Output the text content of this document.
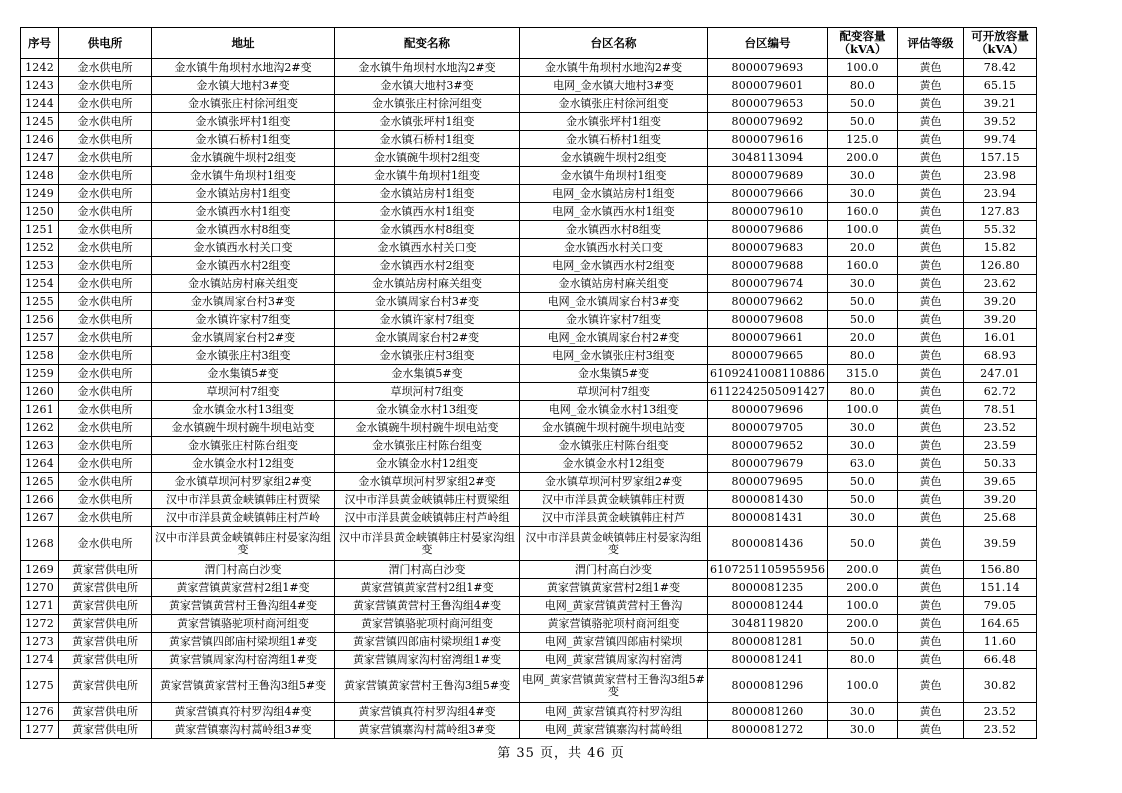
序号	供电所	地址	配变名称	台区名称	台区编号	配变容量（kVA）	评估等级	可开放容量（kVA）
1242	金水供电所	金水镇牛角坝村水地沟2#变	金水镇牛角坝村水地沟2#变	金水镇牛角坝村水地沟2#变	8000079693	100.0	黄色	78.42
1243	金水供电所	金水镇大地村3#变	金水镇大地村3#变	电网_金水镇大地村3#变	8000079601	80.0	黄色	65.15
1244	金水供电所	金水镇张庄村徐河组变	金水镇张庄村徐河组变	金水镇张庄村徐河组变	8000079653	50.0	黄色	39.21
1245	金水供电所	金水镇张坪村1组变	金水镇张坪村1组变	金水镇张坪村1组变	8000079692	50.0	黄色	39.52
1246	金水供电所	金水镇石桥村1组变	金水镇石桥村1组变	金水镇石桥村1组变	8000079616	125.0	黄色	99.74
1247	金水供电所	金水镇碗牛坝村2组变	金水镇碗牛坝村2组变	金水镇碗牛坝村2组变	3048113094	200.0	黄色	157.15
1248	金水供电所	金水镇牛角坝村1组变	金水镇牛角坝村1组变	金水镇牛角坝村1组变	8000079689	30.0	黄色	23.98
1249	金水供电所	金水镇站房村1组变	金水镇站房村1组变	电网_金水镇站房村1组变	8000079666	30.0	黄色	23.94
1250	金水供电所	金水镇西水村1组变	金水镇西水村1组变	电网_金水镇西水村1组变	8000079610	160.0	黄色	127.83
1251	金水供电所	金水镇西水村8组变	金水镇西水村8组变	金水镇西水村8组变	8000079686	100.0	黄色	55.32
1252	金水供电所	金水镇西水村关口变	金水镇西水村关口变	金水镇西水村关口变	8000079683	20.0	黄色	15.82
1253	金水供电所	金水镇西水村2组变	金水镇西水村2组变	电网_金水镇西水村2组变	8000079688	160.0	黄色	126.80
1254	金水供电所	金水镇站房村麻关组变	金水镇站房村麻关组变	金水镇站房村麻关组变	8000079674	30.0	黄色	23.62
1255	金水供电所	金水镇周家台村3#变	金水镇周家台村3#变	电网_金水镇周家台村3#变	8000079662	50.0	黄色	39.20
1256	金水供电所	金水镇许家村7组变	金水镇许家村7组变	金水镇许家村7组变	8000079608	50.0	黄色	39.20
1257	金水供电所	金水镇周家台村2#变	金水镇周家台村2#变	电网_金水镇周家台村2#变	8000079661	20.0	黄色	16.01
1258	金水供电所	金水镇张庄村3组变	金水镇张庄村3组变	电网_金水镇张庄村3组变	8000079665	80.0	黄色	68.93
1259	金水供电所	金水集镇5#变	金水集镇5#变	金水集镇5#变	6109241008110886	315.0	黄色	247.01
1260	金水供电所	草坝河村7组变	草坝河村7组变	草坝河村7组变	6112242505091427	80.0	黄色	62.72
1261	金水供电所	金水镇金水村13组变	金水镇金水村13组变	电网_金水镇金水村13组变	8000079696	100.0	黄色	78.51
1262	金水供电所	金水镇碗牛坝村碗牛坝电站变	金水镇碗牛坝村碗牛坝电站变	金水镇碗牛坝村碗牛坝电站变	8000079705	30.0	黄色	23.52
1263	金水供电所	金水镇张庄村陈台组变	金水镇张庄村陈台组变	金水镇张庄村陈台组变	8000079652	30.0	黄色	23.59
1264	金水供电所	金水镇金水村12组变	金水镇金水村12组变	金水镇金水村12组变	8000079679	63.0	黄色	50.33
1265	金水供电所	金水镇草坝河村罗家组2#变	金水镇草坝河村罗家组2#变	金水镇草坝河村罗家组2#变	8000079695	50.0	黄色	39.65
1266	金水供电所	汉中市洋县黄金峡镇韩庄村贾梁	汉中市洋县黄金峡镇韩庄村贾梁组	汉中市洋县黄金峡镇韩庄村贾	8000081430	50.0	黄色	39.20
1267	金水供电所	汉中市洋县黄金峡镇韩庄村芦岭	汉中市洋县黄金峡镇韩庄村芦岭组	汉中市洋县黄金峡镇韩庄村芦	8000081431	30.0	黄色	25.68
1268	金水供电所	汉中市洋县黄金峡镇韩庄村晏家沟组变	汉中市洋县黄金峡镇韩庄村晏家沟组变	汉中市洋县黄金峡镇韩庄村晏家沟组变	8000081436	50.0	黄色	39.59
1269	黄家营供电所	渭门村高白沙变	渭门村高白沙变	渭门村高白沙变	6107251105955956	200.0	黄色	156.80
1270	黄家营供电所	黄家营镇黄家营村2组1#变	黄家营镇黄家营村2组1#变	黄家营镇黄家营村2组1#变	8000081235	200.0	黄色	151.14
1271	黄家营供电所	黄家营镇黄营村王鲁沟组4#变	黄家营镇黄营村王鲁沟组4#变	电网_黄家营镇黄营村王鲁沟	8000081244	100.0	黄色	79.05
1272	黄家营供电所	黄家营镇骆驼项村商河组变	黄家营镇骆驼项村商河组变	黄家营镇骆驼项村商河组变	3048119820	200.0	黄色	164.65
1273	黄家营供电所	黄家营镇四郎庙村梁坝组1#变	黄家营镇四郎庙村梁坝组1#变	电网_黄家营镇四郎庙村梁坝	8000081281	50.0	黄色	11.60
1274	黄家营供电所	黄家营镇周家沟村窑湾组1#变	黄家营镇周家沟村窑湾组1#变	电网_黄家营镇周家沟村窑湾	8000081241	80.0	黄色	66.48
1275	黄家营供电所	黄家营镇黄家营村王鲁沟3组5#变	黄家营镇黄家营村王鲁沟3组5#变	电网_黄家营镇黄家营村王鲁沟3组5#变	8000081296	100.0	黄色	30.82
1276	黄家营供电所	黄家营镇真符村罗沟组4#变	黄家营镇真符村罗沟组4#变	电网_黄家营镇真符村罗沟组	8000081260	30.0	黄色	23.52
1277	黄家营供电所	黄家营镇寨沟村蒿岭组3#变	黄家营镇寨沟村蒿岭组3#变	电网_黄家营镇寨沟村蒿岭组	8000081272	30.0	黄色	23.52
第 35 页，共 46 页
